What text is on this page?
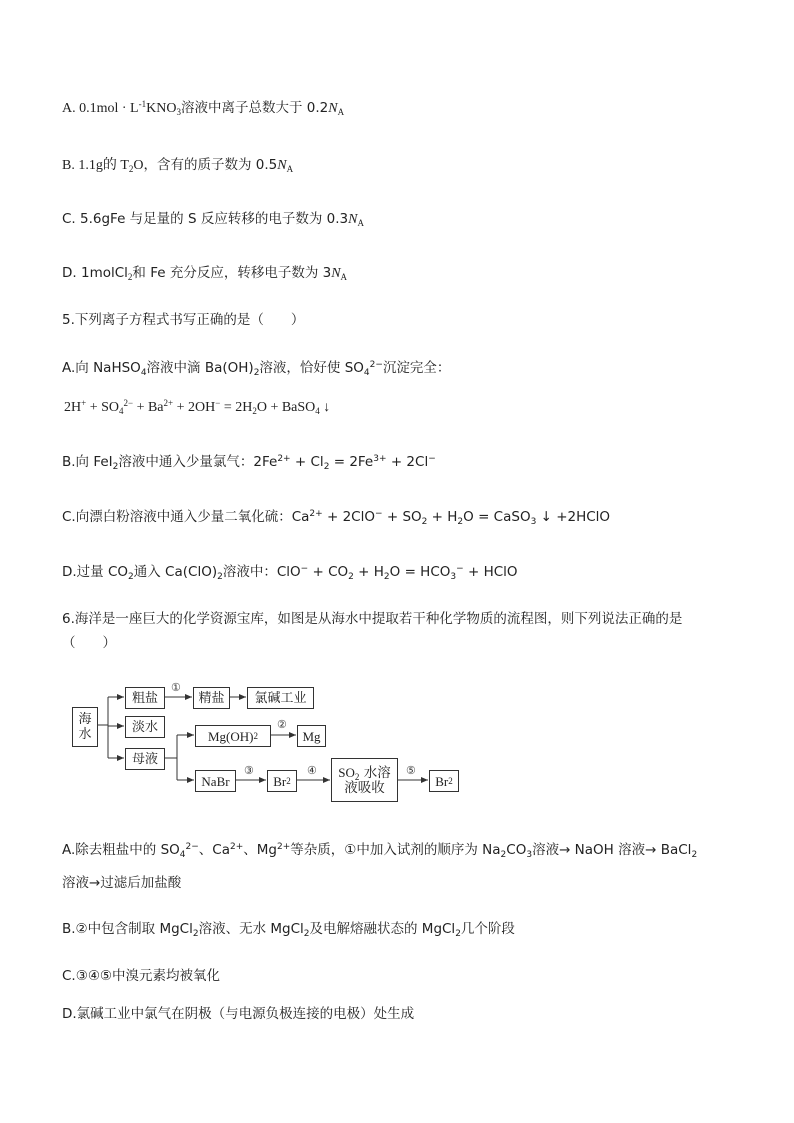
A. $0.1mol \cdot L^{-1}KNO_3$溶液中离子总数大于 $0.2N_A$
B. 1.1g的 $T_2O$，含有的质子数为 $0.5N_A$
C. 5.6gFe 与足量的 S 反应转移的电子数为 $0.3N_A$
D. 1molCl$_2$和 Fe 充分反应，转移电子数为 $3N_A$
5.下列离子方程式书写正确的是（　　）
A.向 NaHSO$_4$溶液中滴 $Ba(OH)_2$溶液，恰好使 $SO_4^{2-}$沉淀完全：
$2H^+ + SO_4^{2-} + Ba^{2+} + 2OH^- = 2H_2O$ + BaSO$_4$ ↓
B.向 FeI$_2$溶液中通入少量氯气：$2Fe^{2+} + Cl_2 = 2Fe^{3+} + 2Cl^-$
C.向漂白粉溶液中通入少量二氧化硫：$Ca^{2+} + 2ClO^- + SO_2 + H_2O$ = CaSO$_3$ ↓ +2HClO
D.过量 $CO_2$通入 $Ca(ClO)_2$溶液中：$ClO^- + CO_2 + H_2O = HCO_3^-$ + HClO
6.海洋是一座巨大的化学资源宝库，如图是从海水中提取若干种化学物质的流程图，则下列说法正确的是
（　　）
海
水
粗盐
淡水
母液
精盐	氯碱工业
Mg(OH) 2	Mg
NaBr	Br 2
$SO_2$ 水溶
液吸收	Br 2
①
②
③	④	⑤
A.除去粗盐中的 $SO_4^{2-}$、$Ca^{2+}$、$Mg^{2+}$等杂质，①中加入试剂的顺序为 $Na_2CO_3$溶液→ NaOH 溶液→ BaCl$_2$
溶液→过滤后加盐酸
B.②中包含制取 MgCl$_2$溶液、无水 MgCl$_2$及电解熔融状态的 MgCl$_2$几个阶段
C.③④⑤中溴元素均被氧化
D.氯碱工业中氯气在阴极（与电源负极连接的电极）处生成
